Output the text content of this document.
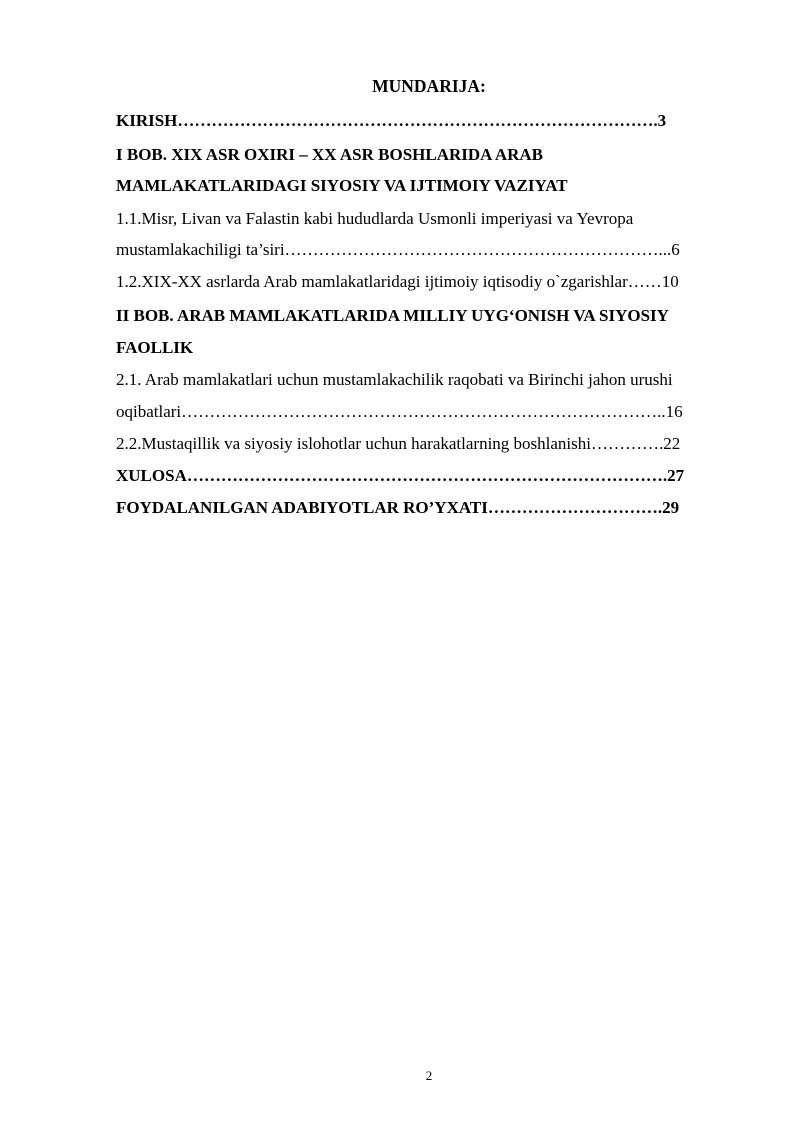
MUNDARIJA:
KIRISH………………………………………………………………………….3
I BOB. XIX ASR OXIRI – XX ASR BOSHLARIDA ARAB
MAMLAKATLARIDAGI SIYOSIY VA IJTIMOIY VAZIYAT
1.1.Misr, Livan va Falastin kabi hududlarda Usmonli imperiyasi va Yevropa
mustamlakachiligi ta’siri…………………………………………………………...6
1.2.XIX-XX asrlarda Arab mamlakatlaridagi ijtimoiy iqtisodiy o`zgarishlar……10
II BOB. ARAB MAMLAKATLARIDA MILLIY UYG‘ONISH VA SIYOSIY
FAOLLIK
2.1. Arab mamlakatlari uchun mustamlakachilik raqobati va Birinchi jahon urushi
oqibatlari…………………………………………………………………………..16
2.2.Mustaqillik va siyosiy islohotlar uchun harakatlarning boshlanishi………….22
XULOSA………………………………………………………………………….27
FOYDALANILGAN ADABIYOTLAR RO’YXATI………………………….29
2
